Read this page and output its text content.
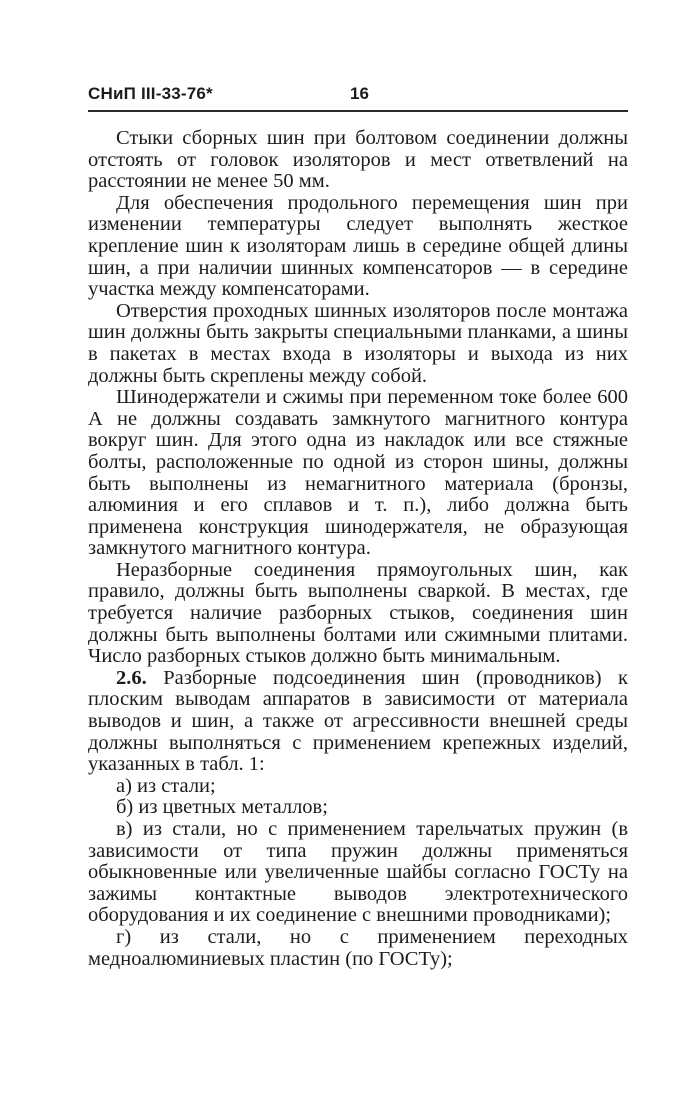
СНиП III-33-76*	16

Стыки сборных шин при болтовом соединении должны отстоять от головок изоляторов и мест ответвлений на расстоянии не менее 50 мм.

Для обеспечения продольного перемещения шин при изменении температуры следует выполнять жесткое крепление шин к изоляторам лишь в середине общей длины шин, а при наличии шинных компенсаторов — в середине участка между компенсаторами.

Отверстия проходных шинных изоляторов после монтажа шин должны быть закрыты специальными планками, а шины в пакетах в местах входа в изоляторы и выхода из них должны быть скреплены между собой.

Шинодержатели и сжимы при переменном токе более 600 А не должны создавать замкнутого магнитного контура вокруг шин. Для этого одна из накладок или все стяжные болты, расположенные по одной из сторон шины, должны быть выполнены из немагнитного материала (бронзы, алюминия и его сплавов и т. п.), либо должна быть применена конструкция шинодержателя, не образующая замкнутого магнитного контура.

Неразборные соединения прямоугольных шин, как правило, должны быть выполнены сваркой. В местах, где требуется наличие разборных стыков, соединения шин должны быть выполнены болтами или сжимными плитами. Число разборных стыков должно быть минимальным.

2.6. Разборные подсоединения шин (проводников) к плоским выводам аппаратов в зависимости от материала выводов и шин, а также от агрессивности внешней среды должны выполняться с применением крепежных изделий, указанных в табл. 1:

а) из стали;

б) из цветных металлов;

в) из стали, но с применением тарельчатых пружин (в зависимости от типа пружин должны применяться обыкновенные или увеличенные шайбы согласно ГОСТу на зажимы контактные выводов электротехнического оборудования и их соединение с внешними проводниками);

г) из стали, но с применением переходных медноалюминиевых пластин (по ГОСТу);
